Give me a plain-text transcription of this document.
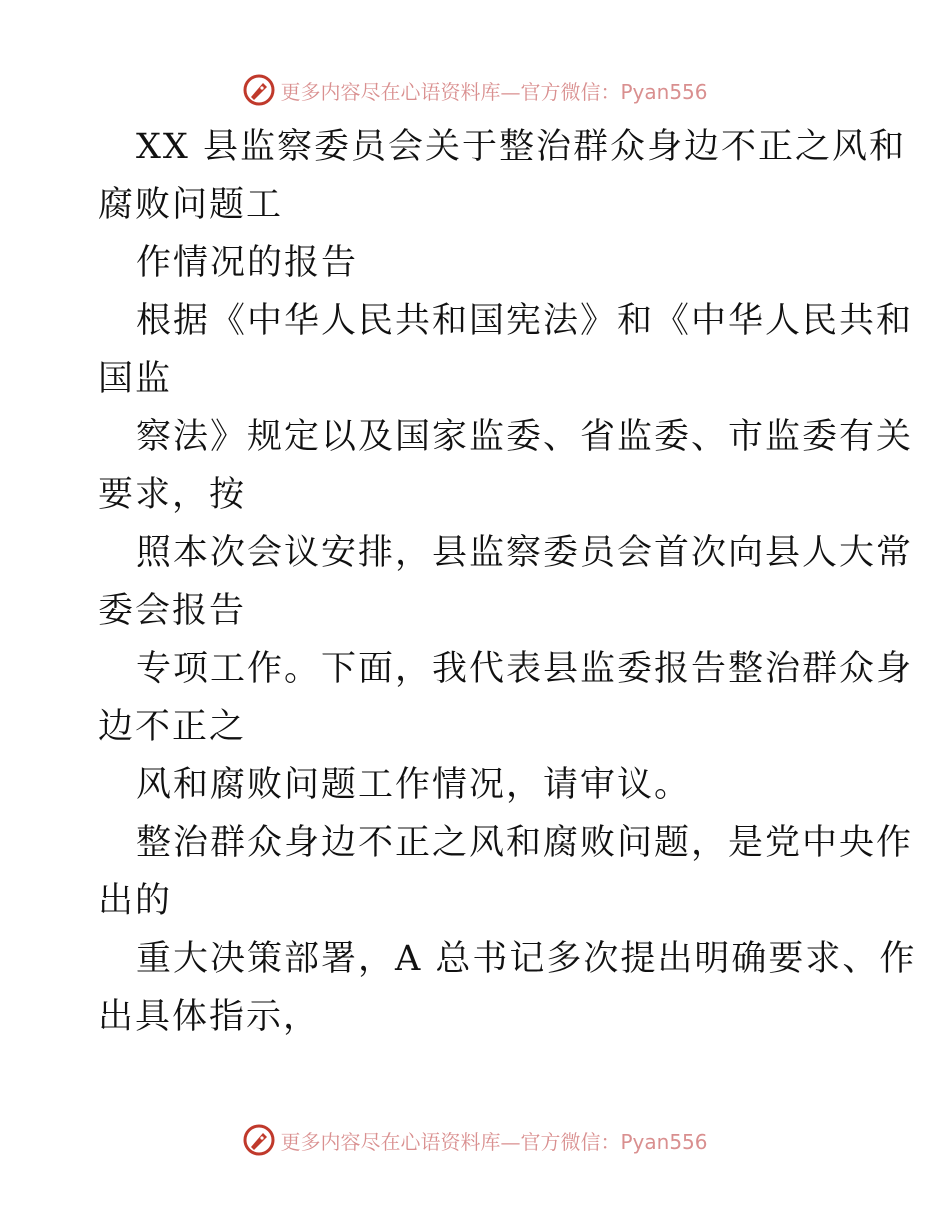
更多内容尽在心语资料库—官方微信：Pyan556
XX 县监察委员会关于整治群众身边不正之风和
腐败问题工
作情况的报告
根据《中华人民共和国宪法》和《中华人民共和
国监
察法》规定以及国家监委、省监委、市监委有关
要求，按
照本次会议安排，县监察委员会首次向县人大常
委会报告
专项工作。下面，我代表县监委报告整治群众身
边不正之
风和腐败问题工作情况，请审议。
整治群众身边不正之风和腐败问题，是党中央作
出的
重大决策部署，A 总书记多次提出明确要求、作
出具体指示，
更多内容尽在心语资料库—官方微信：Pyan556
